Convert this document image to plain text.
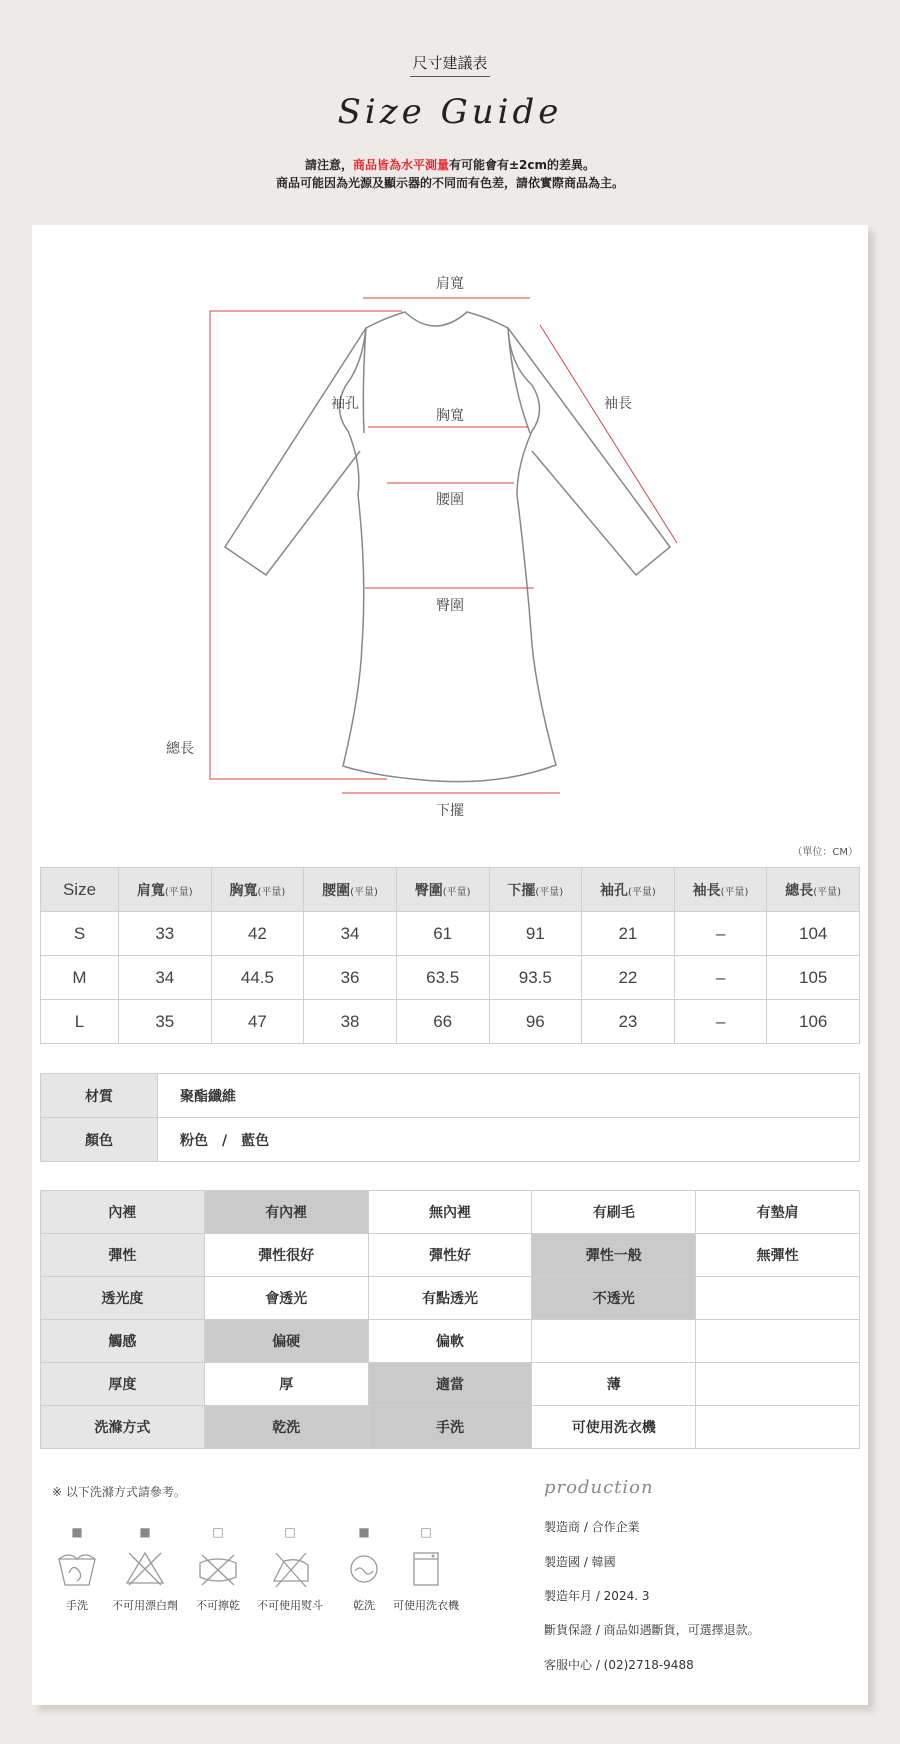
尺寸建議表
Size Guide
請注意，商品皆為水平測量有可能會有±2cm的差異。
商品可能因為光源及顯示器的不同而有色差，請依實際商品為主。
肩寬
袖孔	袖長
胸寬
腰圍
臀圍
總長
下擺
（單位：CM）
Size	肩寬(平量)	胸寬(平量)	腰圍(平量)	臀圍(平量)	下擺(平量)	袖孔(平量)	袖長(平量)	總長(平量)
S	33	42	34	61	91	21	–	104
M	34	44.5	36	63.5	93.5	22	–	105
L	35	47	38	66	96	23	–	106
材質	聚酯纖維
顏色	粉色　/　藍色
內裡	有內裡	無內裡	有刷毛	有墊肩
彈性	彈性很好	彈性好	彈性一般	無彈性
透光度	會透光	有點透光	不透光	
觸感	偏硬	偏軟		
厚度	厚	適當	薄	
洗滌方式	乾洗	手洗	可使用洗衣機	
※ 以下洗滌方式請參考。
■
手洗
■
不可用漂白劑
□
不可擰乾
□
不可使用熨斗
■
乾洗
□
可使用洗衣機
production
製造商 / 合作企業
製造國 / 韓國
製造年月 / 2024. 3
斷貨保證 / 商品如遇斷貨，可選擇退款。
客服中心 / (02)2718-9488
